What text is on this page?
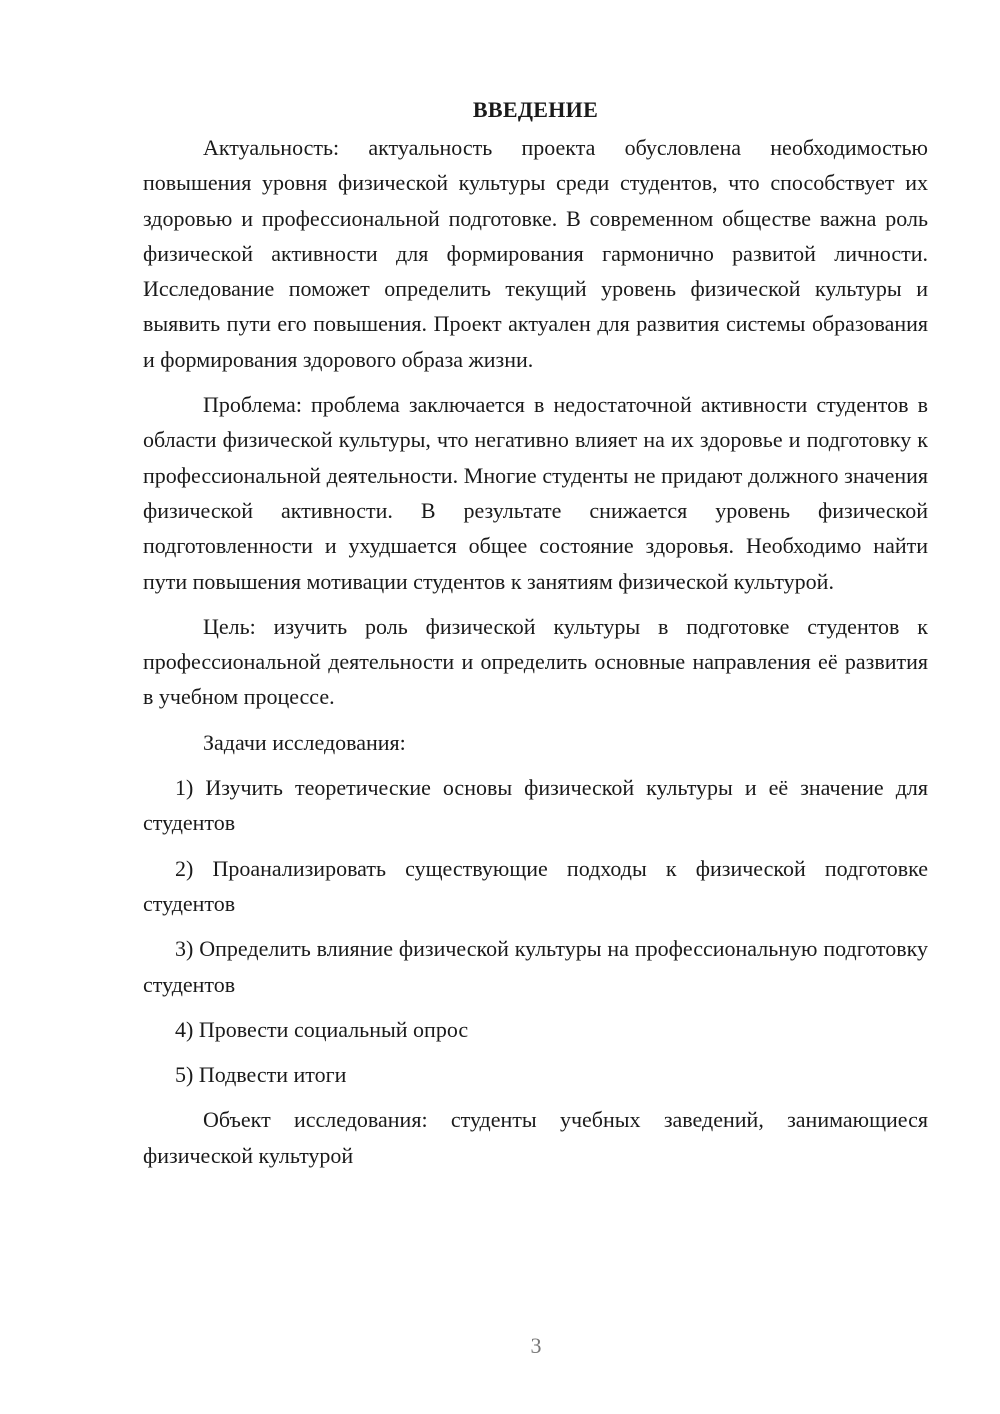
ВВЕДЕНИЕ

Актуальность: актуальность проекта обусловлена необходимостью повышения уровня физической культуры среди студентов, что способствует их здоровью и профессиональной подготовке. В современном обществе важна роль физической активности для формирования гармонично развитой личности. Исследование поможет определить текущий уровень физической культуры и выявить пути его повышения. Проект актуален для развития системы образования и формирования здорового образа жизни.

Проблема: проблема заключается в недостаточной активности студентов в области физической культуры, что негативно влияет на их здоровье и подготовку к профессиональной деятельности. Многие студенты не придают должного значения физической активности. В результате снижается уровень физической подготовленности и ухудшается общее состояние здоровья. Необходимо найти пути повышения мотивации студентов к занятиям физической культурой.

Цель: изучить роль физической культуры в подготовке студентов к профессиональной деятельности и определить основные направления её развития в учебном процессе.

Задачи исследования:

1) Изучить теоретические основы физической культуры и её значение для студентов

2) Проанализировать существующие подходы к физической подготовке студентов

3) Определить влияние физической культуры на профессиональную подготовку студентов

4) Провести социальный опрос

5) Подвести итоги

Объект исследования: студенты учебных заведений, занимающиеся физической культурой

3
